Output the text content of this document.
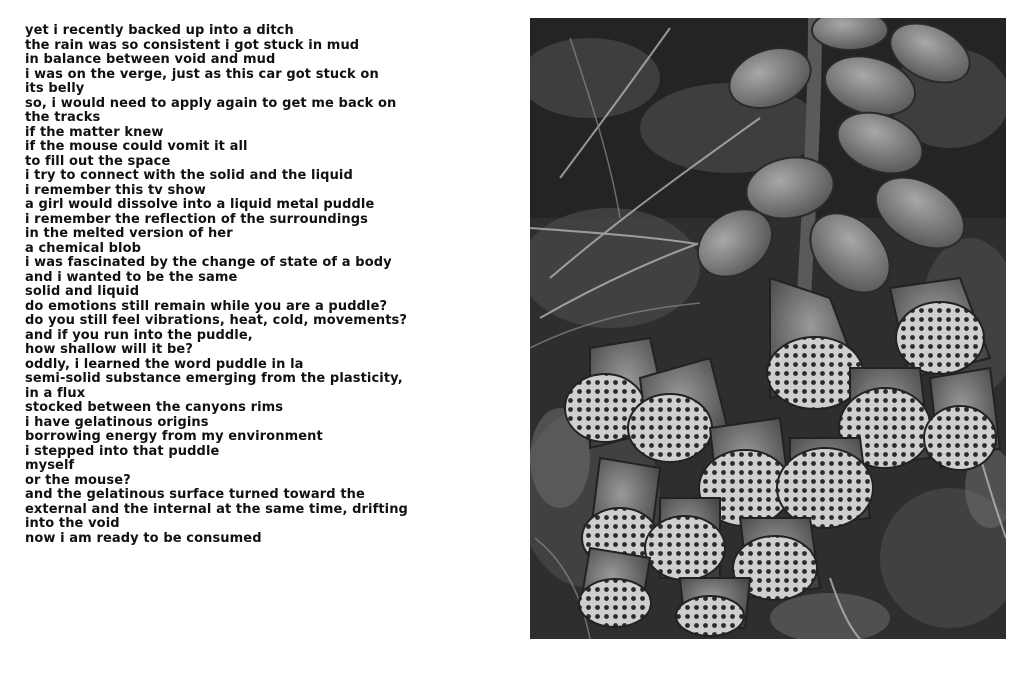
yet i recently backed up into a ditch
the rain was so consistent i got stuck in mud
in balance between void and mud
i was on the verge, just as this car got stuck on
its belly
so, i would need to apply again to get me back on
the tracks
if the matter knew
if the mouse could vomit it all
to fill out the space
i try to connect with the solid and the liquid
i remember this tv show
a girl would dissolve into a liquid metal puddle
i remember the reflection of the surroundings
in the melted version of her
a chemical blob
i was fascinated by the change of state of a body
and i wanted to be the same
solid and liquid
do emotions still remain while you are a puddle?
do you still feel vibrations, heat, cold, movements?
and if you run into the puddle,
how shallow will it be?
oddly, i learned the word puddle in la
semi-solid substance emerging from the plasticity,
in a flux
stocked between the canyons rims
i have gelatinous origins
borrowing energy from my environment
i stepped into that puddle
myself
or the mouse?
and the gelatinous surface turned toward the
external and the internal at the same time, drifting
into the void
now i am ready to be consumed
